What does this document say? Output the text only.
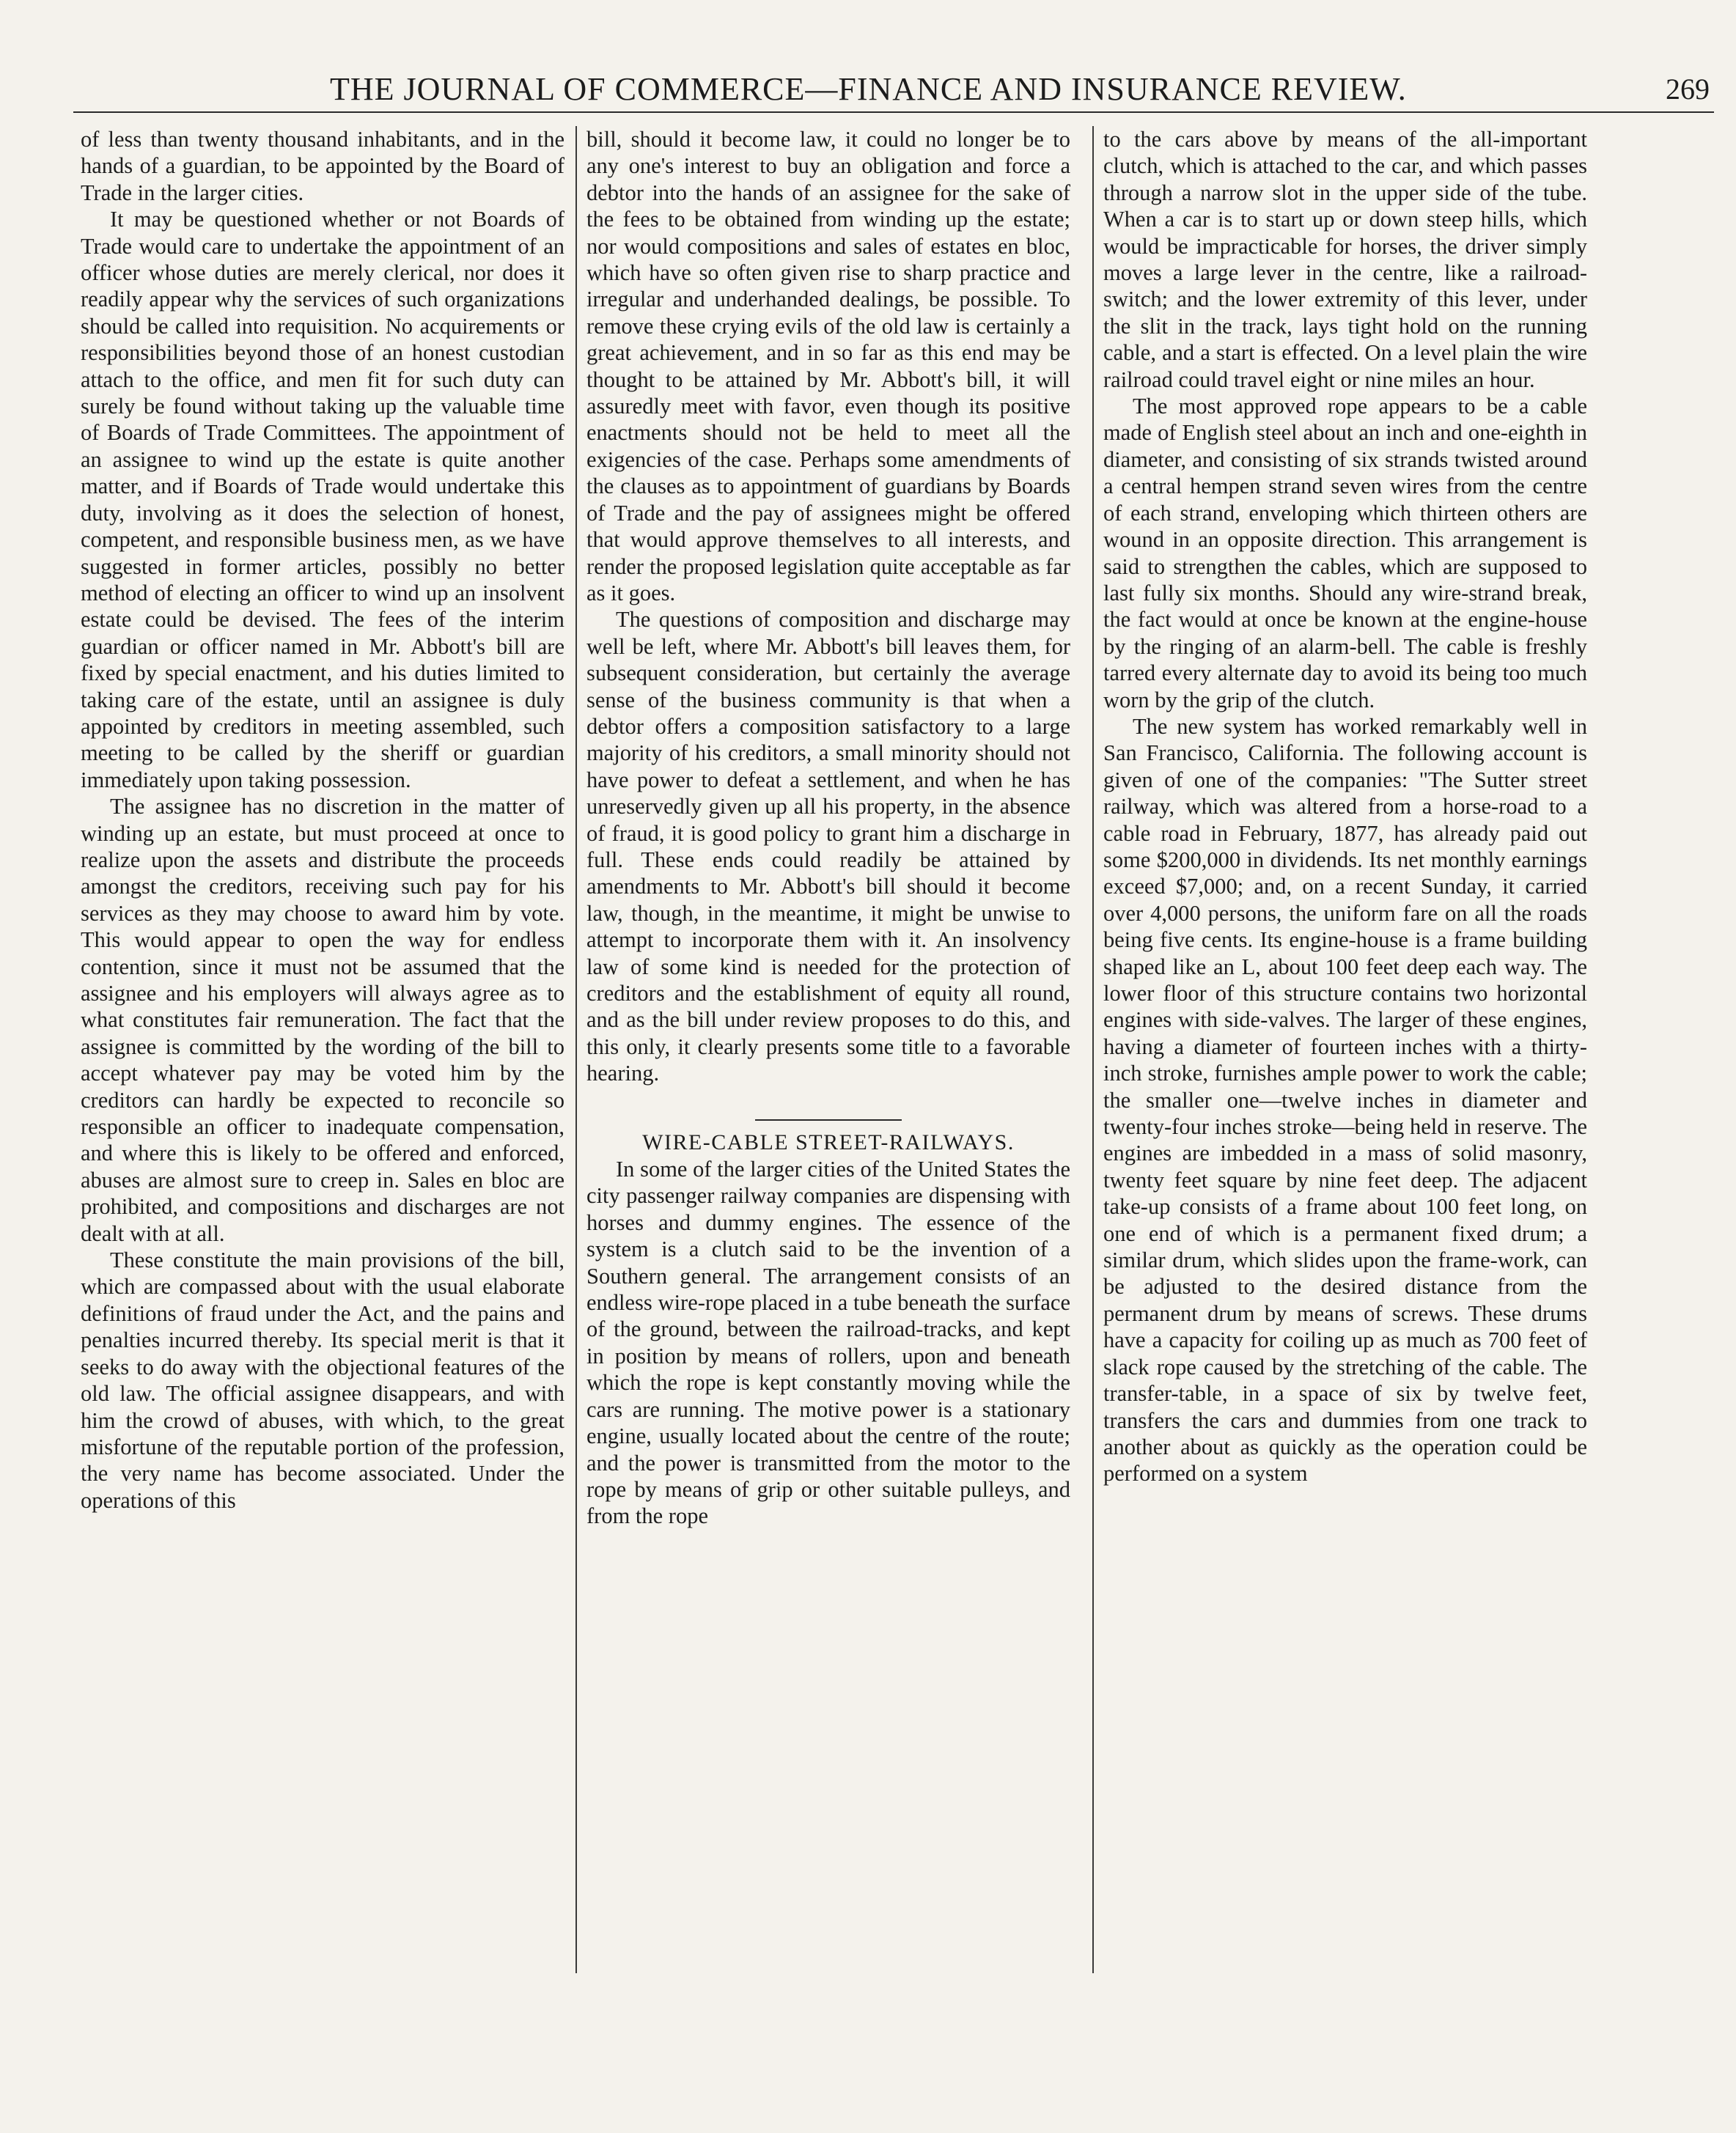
THE JOURNAL OF COMMERCE—FINANCE AND INSURANCE REVIEW.	269

of less than twenty thousand inhabitants, and in the hands of a guardian, to be appointed by the Board of Trade in the larger cities.

It may be questioned whether or not Boards of Trade would care to undertake the appointment of an officer whose duties are merely clerical, nor does it readily appear why the services of such organizations should be called into requisition. No acquirements or responsibilities beyond those of an honest custodian attach to the office, and men fit for such duty can surely be found without taking up the valuable time of Boards of Trade Committees. The appointment of an assignee to wind up the estate is quite another matter, and if Boards of Trade would undertake this duty, involving as it does the selection of honest, competent, and responsible business men, as we have suggested in former articles, possibly no better method of electing an officer to wind up an insolvent estate could be devised. The fees of the interim guardian or officer named in Mr. Abbott's bill are fixed by special enactment, and his duties limited to taking care of the estate, until an assignee is duly appointed by creditors in meeting assembled, such meeting to be called by the sheriff or guardian immediately upon taking possession.

The assignee has no discretion in the matter of winding up an estate, but must proceed at once to realize upon the assets and distribute the proceeds amongst the creditors, receiving such pay for his services as they may choose to award him by vote. This would appear to open the way for endless contention, since it must not be assumed that the assignee and his employers will always agree as to what constitutes fair remuneration. The fact that the assignee is committed by the wording of the bill to accept whatever pay may be voted him by the creditors can hardly be expected to reconcile so responsible an officer to inadequate compensation, and where this is likely to be offered and enforced, abuses are almost sure to creep in. Sales en bloc are prohibited, and compositions and discharges are not dealt with at all.

These constitute the main provisions of the bill, which are compassed about with the usual elaborate definitions of fraud under the Act, and the pains and penalties incurred thereby. Its special merit is that it seeks to do away with the objectional features of the old law. The official assignee disappears, and with him the crowd of abuses, with which, to the great misfortune of the reputable portion of the profession, the very name has become associated. Under the operations of this

bill, should it become law, it could no longer be to any one's interest to buy an obligation and force a debtor into the hands of an assignee for the sake of the fees to be obtained from winding up the estate; nor would compositions and sales of estates en bloc, which have so often given rise to sharp practice and irregular and underhanded dealings, be possible. To remove these crying evils of the old law is certainly a great achievement, and in so far as this end may be thought to be attained by Mr. Abbott's bill, it will assuredly meet with favor, even though its positive enactments should not be held to meet all the exigencies of the case. Perhaps some amendments of the clauses as to appointment of guardians by Boards of Trade and the pay of assignees might be offered that would approve themselves to all interests, and render the proposed legislation quite acceptable as far as it goes.

The questions of composition and discharge may well be left, where Mr. Abbott's bill leaves them, for subsequent consideration, but certainly the average sense of the business community is that when a debtor offers a composition satisfactory to a large majority of his creditors, a small minority should not have power to defeat a settlement, and when he has unreservedly given up all his property, in the absence of fraud, it is good policy to grant him a discharge in full. These ends could readily be attained by amendments to Mr. Abbott's bill should it become law, though, in the meantime, it might be unwise to attempt to incorporate them with it. An insolvency law of some kind is needed for the protection of creditors and the establishment of equity all round, and as the bill under review proposes to do this, and this only, it clearly presents some title to a favorable hearing.

WIRE-CABLE STREET-RAILWAYS.

In some of the larger cities of the United States the city passenger railway companies are dispensing with horses and dummy engines. The essence of the system is a clutch said to be the invention of a Southern general. The arrangement consists of an endless wire-rope placed in a tube beneath the surface of the ground, between the railroad-tracks, and kept in position by means of rollers, upon and beneath which the rope is kept constantly moving while the cars are running. The motive power is a stationary engine, usually located about the centre of the route; and the power is transmitted from the motor to the rope by means of grip or other suitable pulleys, and from the rope

to the cars above by means of the all-important clutch, which is attached to the car, and which passes through a narrow slot in the upper side of the tube. When a car is to start up or down steep hills, which would be impracticable for horses, the driver simply moves a large lever in the centre, like a railroad-switch; and the lower extremity of this lever, under the slit in the track, lays tight hold on the running cable, and a start is effected. On a level plain the wire railroad could travel eight or nine miles an hour.

The most approved rope appears to be a cable made of English steel about an inch and one-eighth in diameter, and consisting of six strands twisted around a central hempen strand seven wires from the centre of each strand, enveloping which thirteen others are wound in an opposite direction. This arrangement is said to strengthen the cables, which are supposed to last fully six months. Should any wire-strand break, the fact would at once be known at the engine-house by the ringing of an alarm-bell. The cable is freshly tarred every alternate day to avoid its being too much worn by the grip of the clutch.

The new system has worked remarkably well in San Francisco, California. The following account is given of one of the companies: "The Sutter street railway, which was altered from a horse-road to a cable road in February, 1877, has already paid out some $200,000 in dividends. Its net monthly earnings exceed $7,000; and, on a recent Sunday, it carried over 4,000 persons, the uniform fare on all the roads being five cents. Its engine-house is a frame building shaped like an L, about 100 feet deep each way. The lower floor of this structure contains two horizontal engines with side-valves. The larger of these engines, having a diameter of fourteen inches with a thirty-inch stroke, furnishes ample power to work the cable; the smaller one—twelve inches in diameter and twenty-four inches stroke—being held in reserve. The engines are imbedded in a mass of solid masonry, twenty feet square by nine feet deep. The adjacent take-up consists of a frame about 100 feet long, on one end of which is a permanent fixed drum; a similar drum, which slides upon the frame-work, can be adjusted to the desired distance from the permanent drum by means of screws. These drums have a capacity for coiling up as much as 700 feet of slack rope caused by the stretching of the cable. The transfer-table, in a space of six by twelve feet, transfers the cars and dummies from one track to another about as quickly as the operation could be performed on a system
